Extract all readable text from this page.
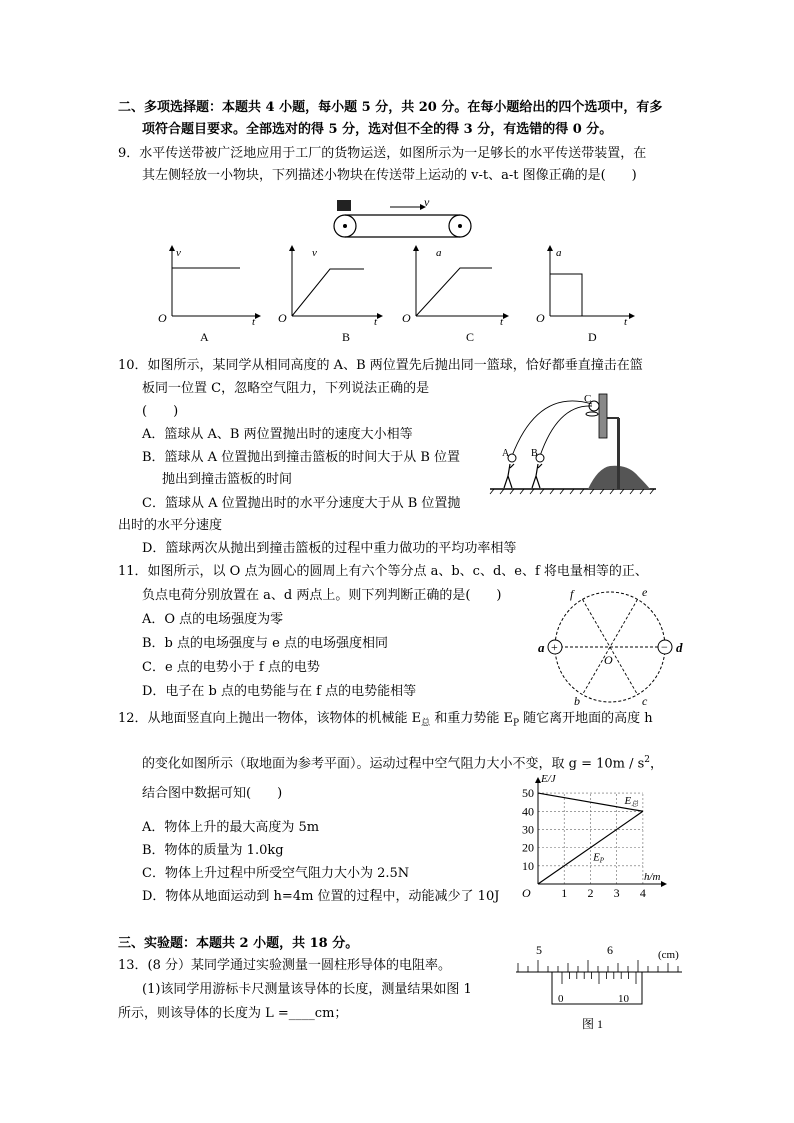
二、多项选择题：本题共 4 小题，每小题 5 分，共 20 分。在每小题给出的四个选项中，有多
项符合题目要求。全部选对的得 5 分，选对但不全的得 3 分，有选错的得 0 分。
9．水平传送带被广泛地应用于工厂的货物运送，如图所示为一足够长的水平传送带装置，在
其左侧轻放一小物块，下列描述小物块在传送带上运动的 v-t、a-t 图像正确的是(　　)
v
v
O	t
A
v
O	t
B
a
O	t
C
a
O	t
D
10．如图所示，某同学从相同高度的 A、B 两位置先后抛出同一篮球，恰好都垂直撞击在篮
板同一位置 C，忽略空气阻力，下列说法正确的是
(　　)
A．篮球从 A、B 两位置抛出时的速度大小相等
B．篮球从 A 位置抛出到撞击篮板的时间大于从 B 位置
抛出到撞击篮板的时间
C．篮球从 A 位置抛出时的水平分速度大于从 B 位置抛
出时的水平分速度
D．篮球两次从抛出到撞击篮板的过程中重力做功的平均功率相等
C
A B
11．如图所示，以 O 点为圆心的圆周上有六个等分点 a、b、c、d、e、f 将电量相等的正、
负点电荷分别放置在 a、d 两点上。则下列判断正确的是(　　)
A．O 点的电场强度为零
B．b 点的电场强度与 e 点的电场强度相同
C．e 点的电势小于 f 点的电势
D．电子在 b 点的电势能与在 f 点的电势能相等
+	−
a	d
f	e
b	c
O
12．从地面竖直向上抛出一物体，该物体的机械能 $E_总$ 和重力势能 $E_P$ 随它离开地面的高度 h
的变化如图所示（取地面为参考平面）。运动过程中空气阻力大小不变，取 $g = 10m / s^2$，
结合图中数据可知(　　)
A．物体上升的最大高度为 5m
B．物体的质量为 1.0kg
C．物体上升过程中所受空气阻力大小为 2.5N
D．物体从地面运动到 h=4m 位置的过程中，动能减少了 10J	1 2 3 4
10
20
30
40
50
E总
EP
E/J
h/m
O
三、实验题：本题共 2 小题，共 18 分。
13．(8 分）某同学通过实验测量一圆柱形导体的电阻率。
(1)该同学用游标卡尺测量该导体的长度，测量结果如图 1
所示，则该导体的长度为 L =____cm；
5	6	(cm)
0	10
图 1
